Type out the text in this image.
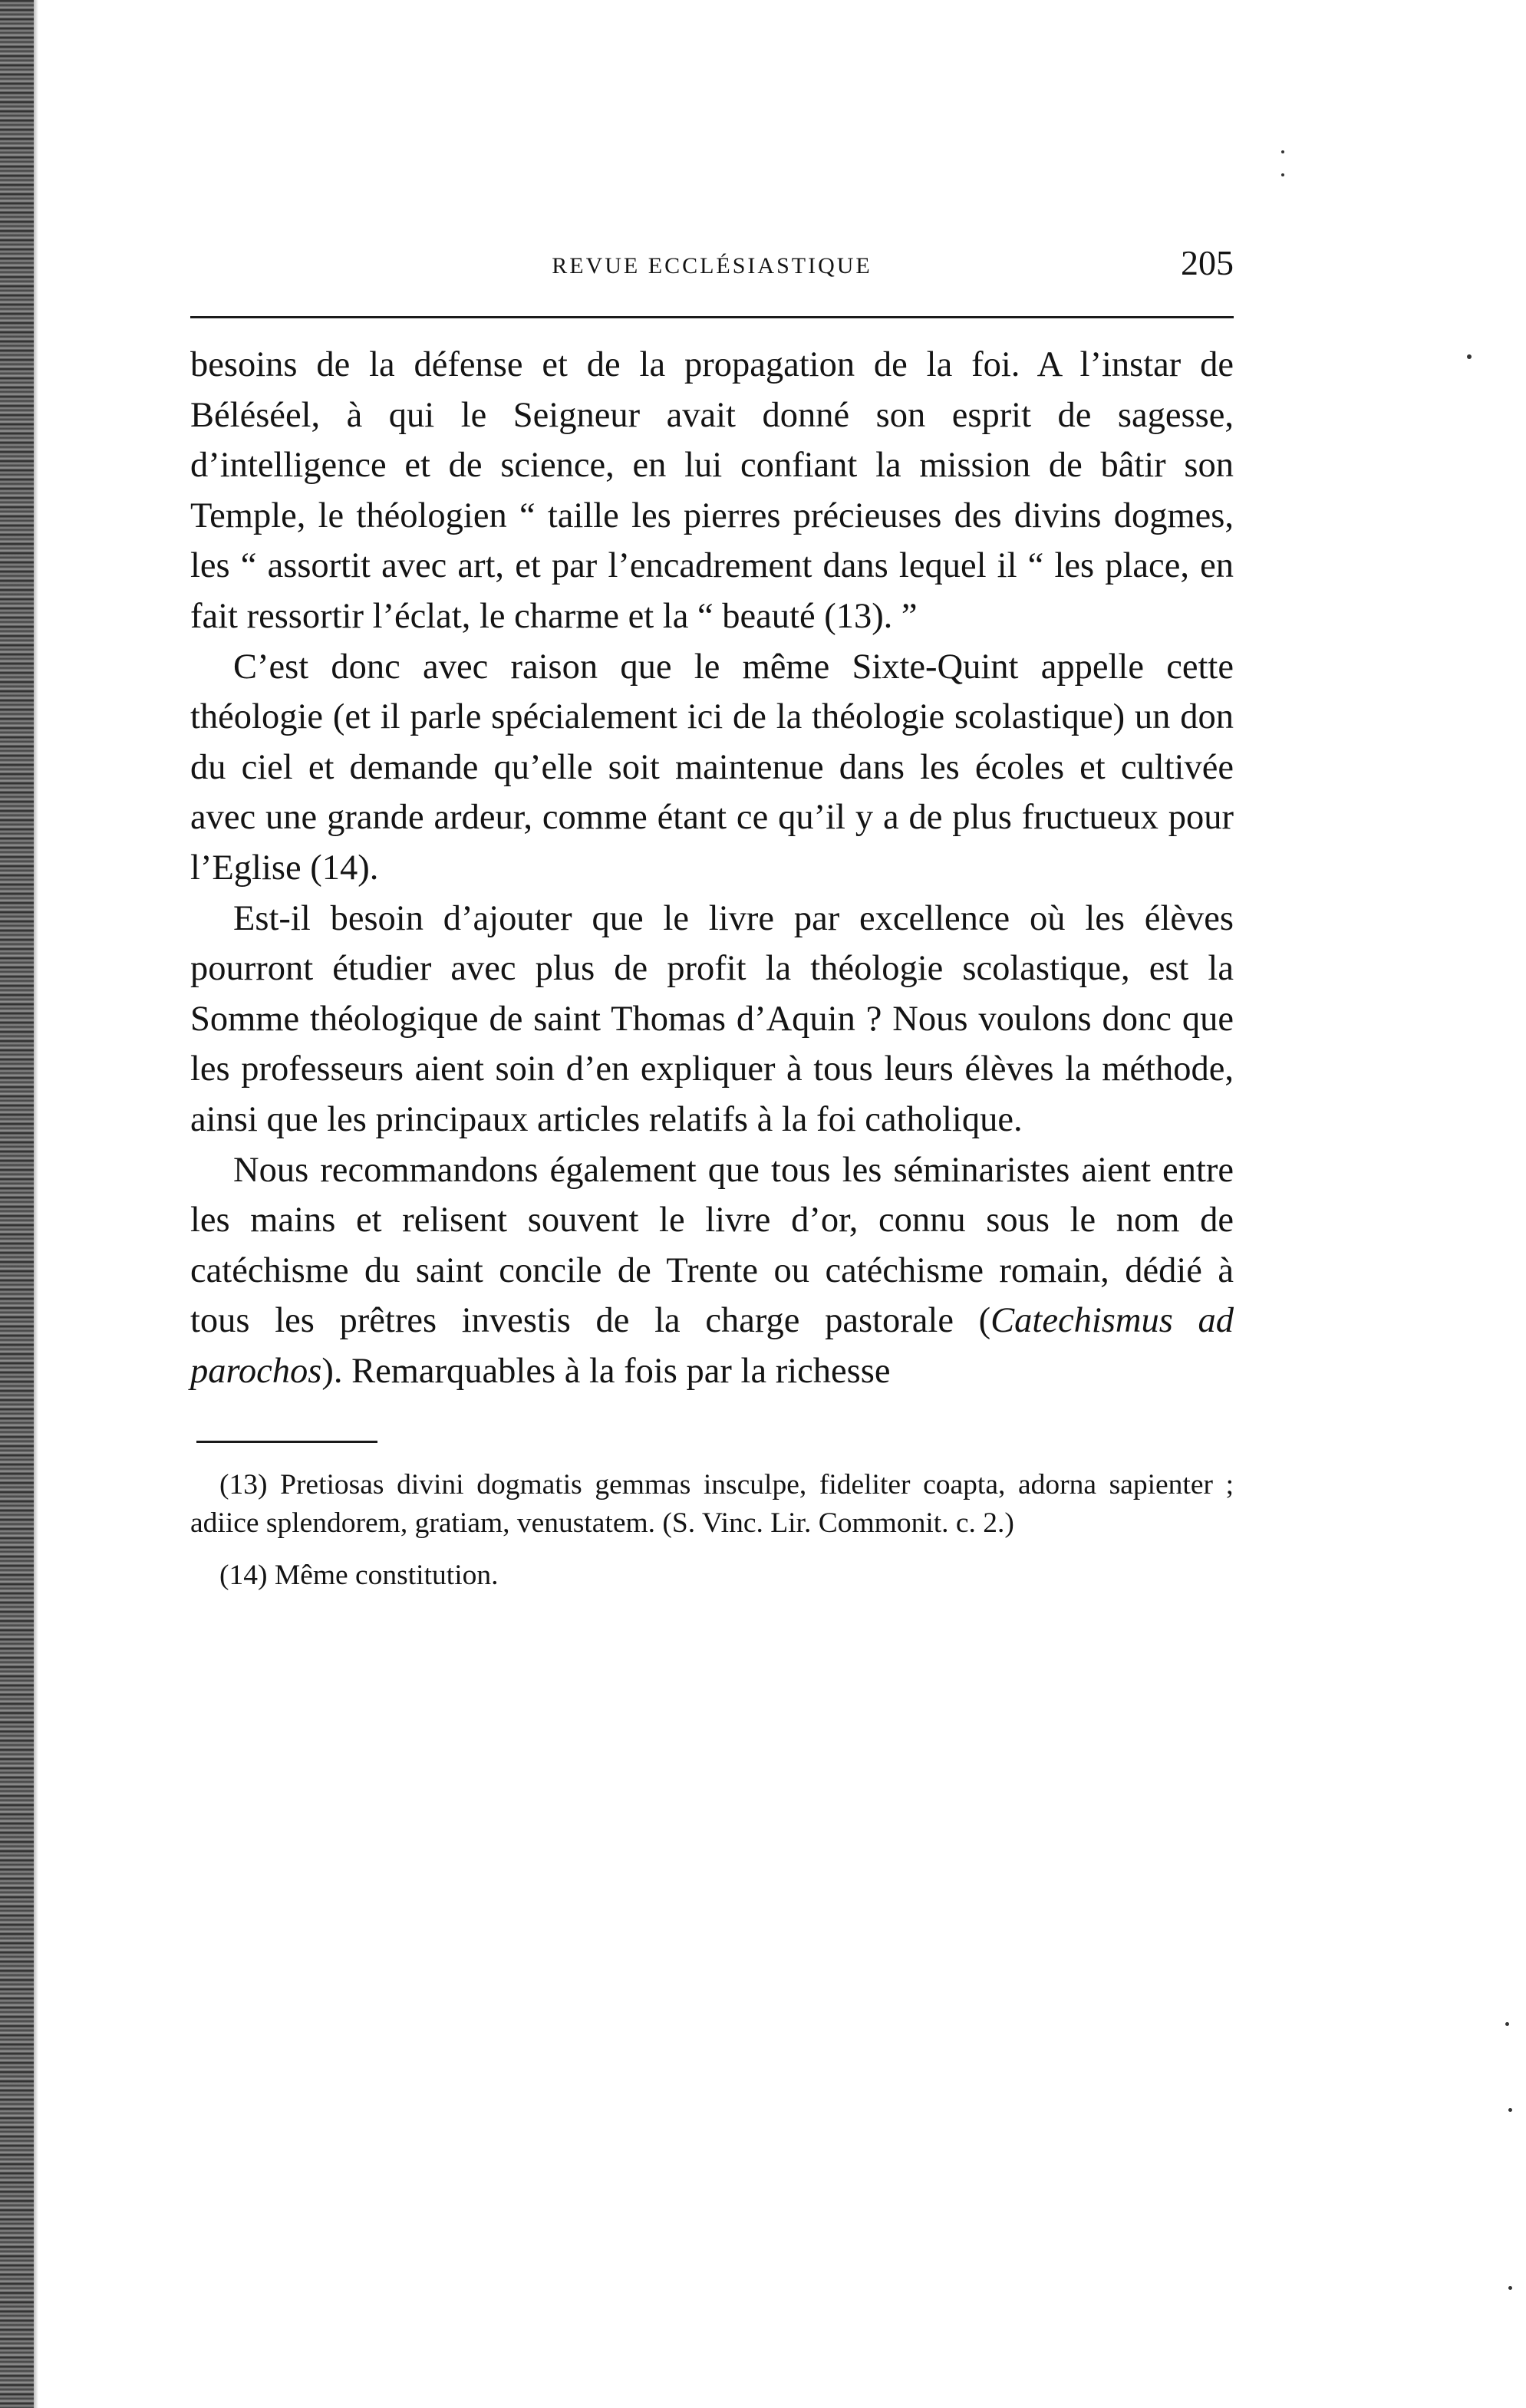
REVUE ECCLÉSIASTIQUE	205

besoins de la défense et de la propagation de la foi. A l’instar de Béléséel, à qui le Seigneur avait donné son esprit de sagesse, d’intelligence et de science, en lui confiant la mission de bâtir son Temple, le théologien “ taille les pierres précieuses des divins dogmes, les “ assortit avec art, et par l’encadrement dans lequel il “ les place, en fait ressortir l’éclat, le charme et la “ beauté (13). ”

C’est donc avec raison que le même Sixte-Quint appelle cette théologie (et il parle spécialement ici de la théologie scolastique) un don du ciel et demande qu’elle soit maintenue dans les écoles et cultivée avec une grande ardeur, comme étant ce qu’il y a de plus fructueux pour l’Eglise (14).

Est-il besoin d’ajouter que le livre par excellence où les élèves pourront étudier avec plus de profit la théologie scolastique, est la Somme théologique de saint Thomas d’Aquin ? Nous voulons donc que les professeurs aient soin d’en expliquer à tous leurs élèves la méthode, ainsi que les principaux articles relatifs à la foi catholique.

Nous recommandons également que tous les séminaristes aient entre les mains et relisent souvent le livre d’or, connu sous le nom de catéchisme du saint concile de Trente ou catéchisme romain, dédié à tous les prêtres investis de la charge pastorale (Catechismus ad parochos). Remarquables à la fois par la richesse

(13) Pretiosas divini dogmatis gemmas insculpe, fideliter coapta, adorna sapienter ; adiice splendorem, gratiam, venustatem. (S. Vinc. Lir. Commonit. c. 2.)

(14) Même constitution.
